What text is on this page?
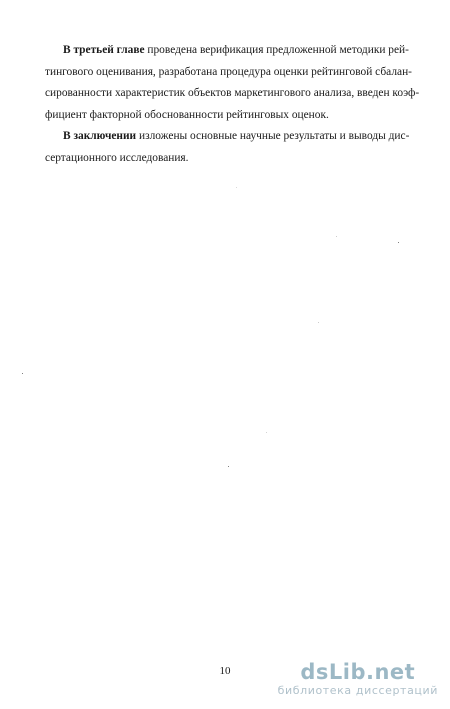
В третьей главе проведена верификация предложенной методики рей-
тингового оценивания, разработана процедура оценки рейтинговой сбалан-
сированности характеристик объектов маркетингового анализа, введен коэф-
фициент факторной обоснованности рейтинговых оценок.
В заключении изложены основные научные результаты и выводы дис-
сертационного исследования.
10	dsLib.net
библиотека диссертаций
